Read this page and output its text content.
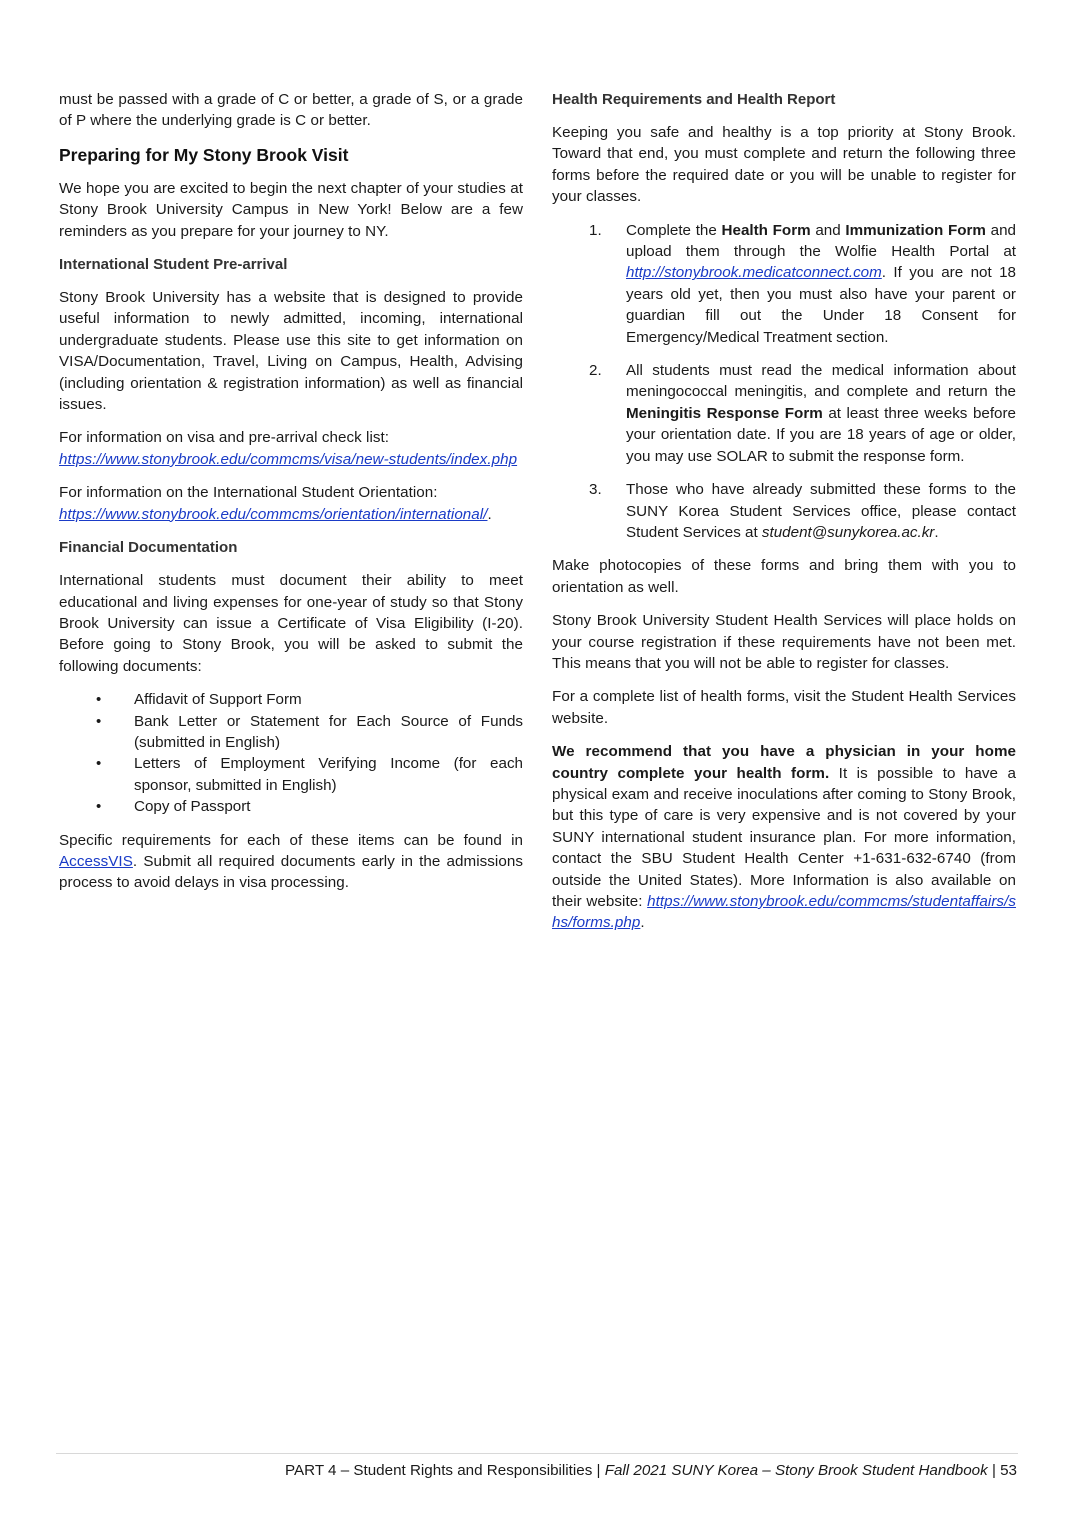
must be passed with a grade of C or better, a grade of S, or a grade of P where the underlying grade is C or better.

Preparing for My Stony Brook Visit

We hope you are excited to begin the next chapter of your studies at Stony Brook University Campus in New York! Below are a few reminders as you prepare for your journey to NY.

International Student Pre-arrival

Stony Brook University has a website that is designed to provide useful information to newly admitted, incoming, international undergraduate students. Please use this site to get information on VISA/Documentation, Travel, Living on Campus, Health, Advising (including orientation & registration information) as well as financial issues.

For information on visa and pre-arrival check list:
https://www.stonybrook.edu/commcms/visa/new-students/index.php

For information on the International Student Orientation:
https://www.stonybrook.edu/commcms/orientation/international/.

Financial Documentation

International students must document their ability to meet educational and living expenses for one-year of study so that Stony Brook University can issue a Certificate of Visa Eligibility (I-20). Before going to Stony Brook, you will be asked to submit the following documents:

• Affidavit of Support Form
• Bank Letter or Statement for Each Source of Funds (submitted in English)
• Letters of Employment Verifying Income (for each sponsor, submitted in English)
• Copy of Passport

Specific requirements for each of these items can be found in AccessVIS. Submit all required documents early in the admissions process to avoid delays in visa processing.

Health Requirements and Health Report

Keeping you safe and healthy is a top priority at Stony Brook. Toward that end, you must complete and return the following three forms before the required date or you will be unable to register for your classes.

1. Complete the Health Form and Immunization Form and upload them through the Wolfie Health Portal at http://stonybrook.medicatconnect.com. If you are not 18 years old yet, then you must also have your parent or guardian fill out the Under 18 Consent for Emergency/Medical Treatment section.
2. All students must read the medical information about meningococcal meningitis, and complete and return the Meningitis Response Form at least three weeks before your orientation date. If you are 18 years of age or older, you may use SOLAR to submit the response form.
3. Those who have already submitted these forms to the SUNY Korea Student Services office, please contact Student Services at student@sunykorea.ac.kr.

Make photocopies of these forms and bring them with you to orientation as well.

Stony Brook University Student Health Services will place holds on your course registration if these requirements have not been met. This means that you will not be able to register for classes.

For a complete list of health forms, visit the Student Health Services website.

We recommend that you have a physician in your home country complete your health form. It is possible to have a physical exam and receive inoculations after coming to Stony Brook, but this type of care is very expensive and is not covered by your SUNY international student insurance plan. For more information, contact the SBU Student Health Center +1-631-632-6740 (from outside the United States). More Information is also available on their website: https://www.stonybrook.edu/commcms/studentaffairs/shs/forms.php.

PART 4 – Student Rights and Responsibilities | Fall 2021 SUNY Korea – Stony Brook Student Handbook | 53
